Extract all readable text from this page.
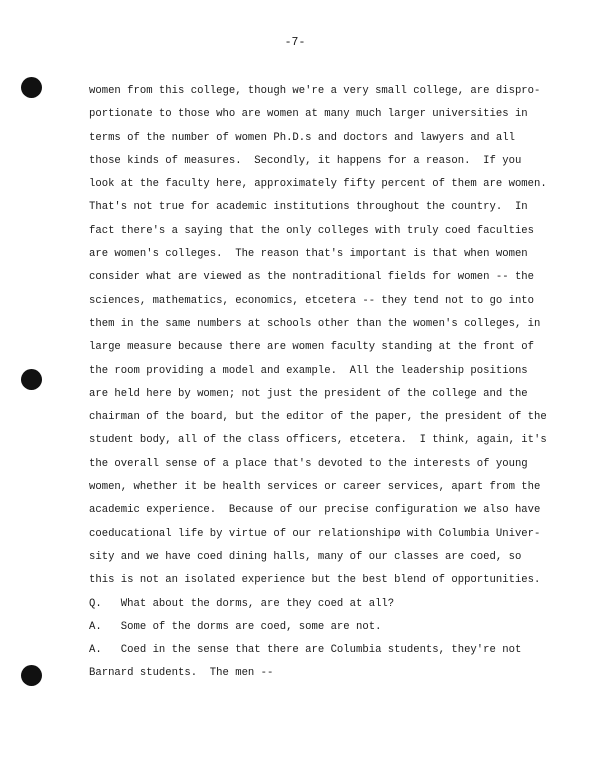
-7-
women from this college, though we're a very small college, are dispro-
portionate to those who are women at many much larger universities in
terms of the number of women Ph.D.s and doctors and lawyers and all
those kinds of measures.  Secondly, it happens for a reason.  If you
look at the faculty here, approximately fifty percent of them are women.
That's not true for academic institutions throughout the country.  In
fact there's a saying that the only colleges with truly coed faculties
are women's colleges.  The reason that's important is that when women
consider what are viewed as the nontraditional fields for women -- the
sciences, mathematics, economics, etcetera -- they tend not to go into
them in the same numbers at schools other than the women's colleges, in
large measure because there are women faculty standing at the front of
the room providing a model and example.  All the leadership positions
are held here by women; not just the president of the college and the
chairman of the board, but the editor of the paper, the president of the
student body, all of the class officers, etcetera.  I think, again, it's
the overall sense of a place that's devoted to the interests of young
women, whether it be health services or career services, apart from the
academic experience.  Because of our precise configuration we also have
coeducational life by virtue of our relationshipø with Columbia Univer-
sity and we have coed dining halls, many of our classes are coed, so
this is not an isolated experience but the best blend of opportunities.
Q.   What about the dorms, are they coed at all?
A.   Some of the dorms are coed, some are not.
A.   Coed in the sense that there are Columbia students, they're not
Barnard students.  The men --
